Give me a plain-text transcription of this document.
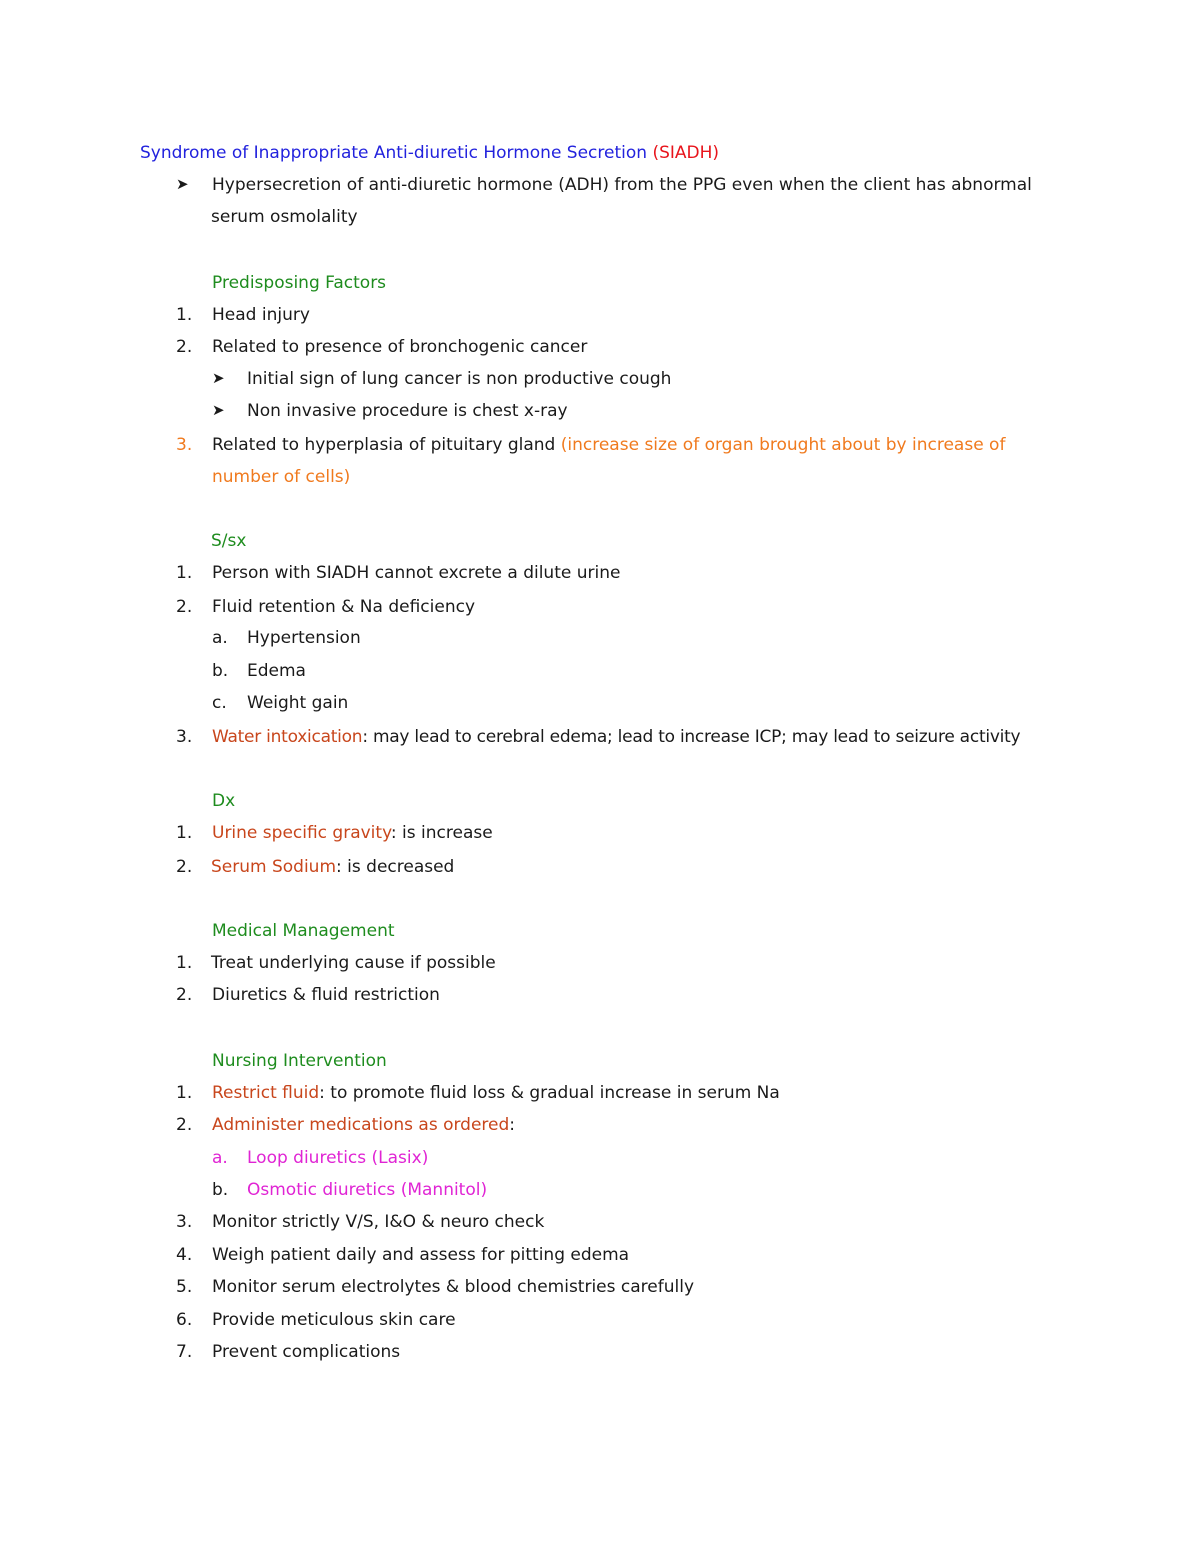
Syndrome of Inappropriate Anti-diuretic Hormone Secretion (SIADH)
➤ Hypersecretion of anti-diuretic hormone (ADH) from the PPG even when the client has abnormal
serum osmolality
Predisposing Factors
1. Head injury
2. Related to presence of bronchogenic cancer
➤ Initial sign of lung cancer is non productive cough
➤ Non invasive procedure is chest x-ray
3. Related to hyperplasia of pituitary gland (increase size of organ brought about by increase of
number of cells)
S/sx
1. Person with SIADH cannot excrete a dilute urine
2. Fluid retention & Na deficiency
a. Hypertension
b. Edema
c. Weight gain
3. Water intoxication: may lead to cerebral edema; lead to increase ICP; may lead to seizure activity
Dx
1. Urine specific gravity: is increase
2. Serum Sodium: is decreased
Medical Management
1. Treat underlying cause if possible
2. Diuretics & fluid restriction
Nursing Intervention
1. Restrict fluid: to promote fluid loss & gradual increase in serum Na
2. Administer medications as ordered:
a. Loop diuretics (Lasix)
b. Osmotic diuretics (Mannitol)
3. Monitor strictly V/S, I&O & neuro check
4. Weigh patient daily and assess for pitting edema
5. Monitor serum electrolytes & blood chemistries carefully
6. Provide meticulous skin care
7. Prevent complications
